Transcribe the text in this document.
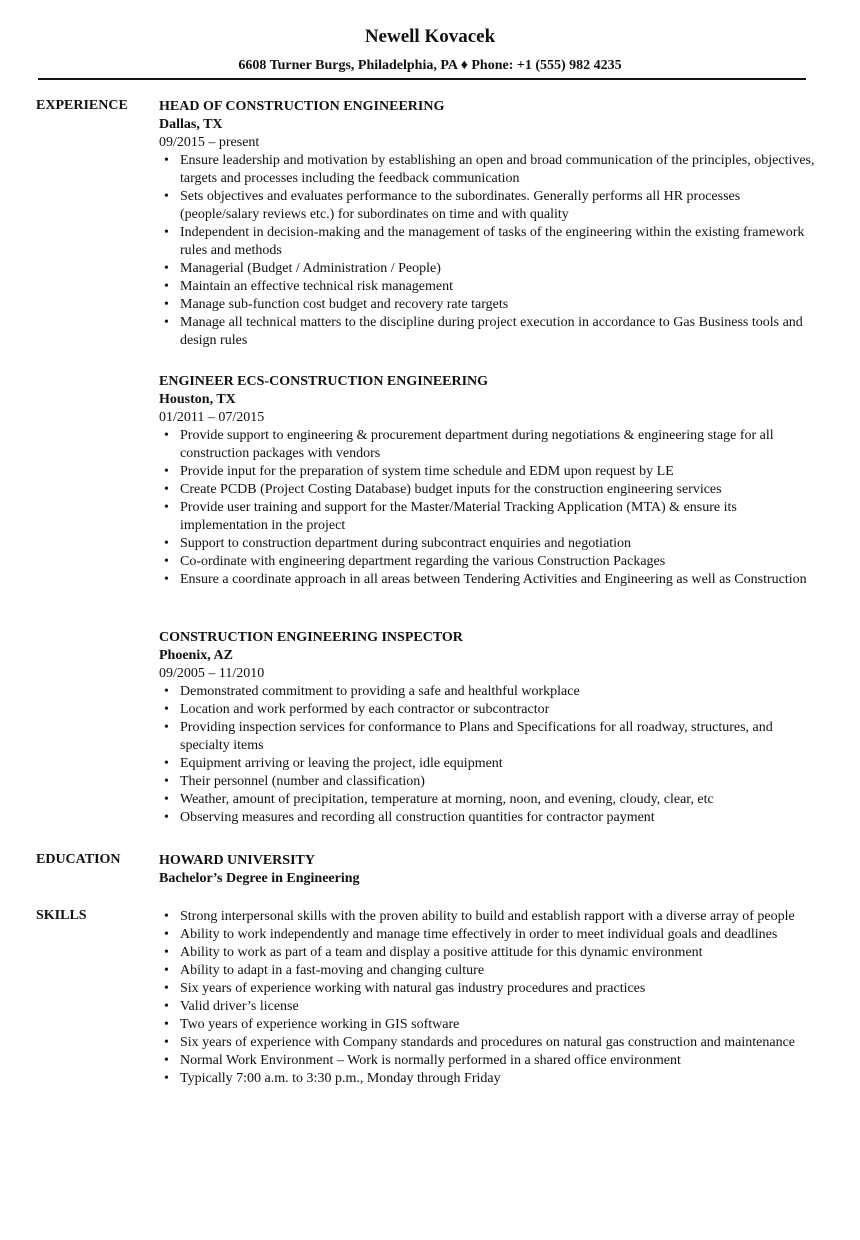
Newell Kovacek
6608 Turner Burgs, Philadelphia, PA ♦ Phone: +1 (555) 982 4235
EXPERIENCE HEAD OF CONSTRUCTION ENGINEERING
Dallas, TX
09/2015 – present
• Ensure leadership and motivation by establishing an open and broad communication of the principles, objectives, targets and processes including the feedback communication
• Sets objectives and evaluates performance to the subordinates. Generally performs all HR processes (people/salary reviews etc.) for subordinates on time and with quality
• Independent in decision-making and the management of tasks of the engineering within the existing framework rules and methods
• Managerial (Budget / Administration / People)
• Maintain an effective technical risk management
• Manage sub-function cost budget and recovery rate targets
• Manage all technical matters to the discipline during project execution in accordance to Gas Business tools and design rules
ENGINEER ECS-CONSTRUCTION ENGINEERING
Houston, TX
01/2011 – 07/2015
• Provide support to engineering & procurement department during negotiations & engineering stage for all construction packages with vendors
• Provide input for the preparation of system time schedule and EDM upon request by LE
• Create PCDB (Project Costing Database) budget inputs for the construction engineering services
• Provide user training and support for the Master/Material Tracking Application (MTA) & ensure its implementation in the project
• Support to construction department during subcontract enquiries and negotiation
• Co-ordinate with engineering department regarding the various Construction Packages
• Ensure a coordinate approach in all areas between Tendering Activities and Engineering as well as Construction
CONSTRUCTION ENGINEERING INSPECTOR
Phoenix, AZ
09/2005 – 11/2010
• Demonstrated commitment to providing a safe and healthful workplace
• Location and work performed by each contractor or subcontractor
• Providing inspection services for conformance to Plans and Specifications for all roadway, structures, and specialty items
• Equipment arriving or leaving the project, idle equipment
• Their personnel (number and classification)
• Weather, amount of precipitation, temperature at morning, noon, and evening, cloudy, clear, etc
• Observing measures and recording all construction quantities for contractor payment
EDUCATION	HOWARD UNIVERSITY
Bachelor’s Degree in Engineering
SKILLS
•	Strong interpersonal skills with the proven ability to build and establish rapport with a diverse array of people
• Ability to work independently and manage time effectively in order to meet individual goals and deadlines
• Ability to work as part of a team and display a positive attitude for this dynamic environment
• Ability to adapt in a fast-moving and changing culture
• Six years of experience working with natural gas industry procedures and practices
• Valid driver’s license
• Two years of experience working in GIS software
• Six years of experience with Company standards and procedures on natural gas construction and maintenance
• Normal Work Environment – Work is normally performed in a shared office environment
• Typically 7:00 a.m. to 3:30 p.m., Monday through Friday
